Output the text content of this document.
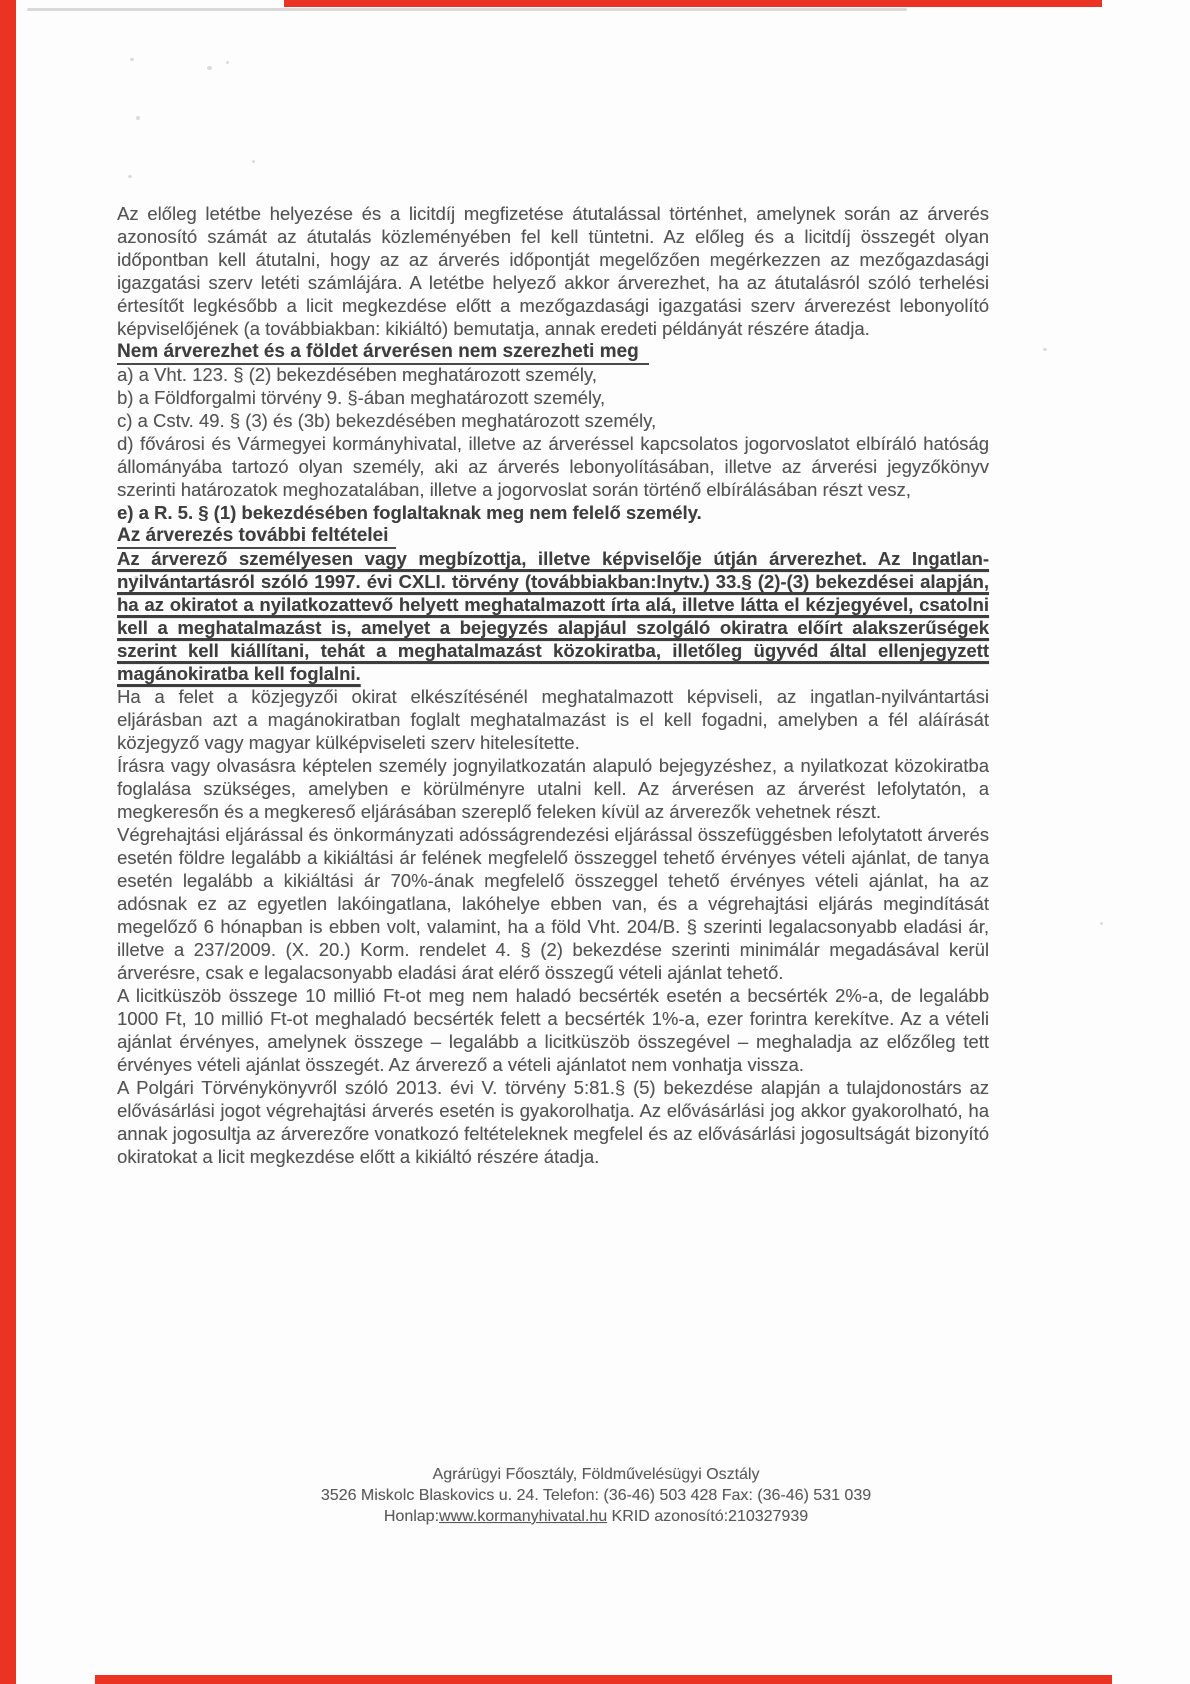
Az előleg letétbe helyezése és a licitdíj megfizetése átutalással történhet, amelynek során az árverés azonosító számát az átutalás közleményében fel kell tüntetni. Az előleg és a licitdíj összegét olyan időpontban kell átutalni, hogy az az árverés időpontját megelőzően megérkezzen az mezőgazdasági igazgatási szerv letéti számlájára. A letétbe helyező akkor árverezhet, ha az átutalásról szóló terhelési értesítőt legkésőbb a licit megkezdése előtt a mezőgazdasági igazgatási szerv árverezést lebonyolító képviselőjének (a továbbiakban: kikiáltó) bemutatja, annak eredeti példányát részére átadja.

Nem árverezhet és a földet árverésen nem szerezheti meg
a) a Vht. 123. § (2) bekezdésében meghatározott személy,
b) a Földforgalmi törvény 9. §-ában meghatározott személy,
c) a Cstv. 49. § (3) és (3b) bekezdésében meghatározott személy,
d) fővárosi és Vármegyei kormányhivatal, illetve az árveréssel kapcsolatos jogorvoslatot elbíráló hatóság állományába tartozó olyan személy, aki az árverés lebonyolításában, illetve az árverési jegyzőkönyv szerinti határozatok meghozatalában, illetve a jogorvoslat során történő elbírálásában részt vesz,
e) a R. 5. § (1) bekezdésében foglaltaknak meg nem felelő személy.
Az árverezés további feltételei

Az árverező személyesen vagy megbízottja, illetve képviselője útján árverezhet. Az Ingatlan-nyilvántartásról szóló 1997. évi CXLI. törvény (továbbiakban:Inytv.) 33.§ (2)-(3) bekezdései alapján, ha az okiratot a nyilatkozattevő helyett meghatalmazott írta alá, illetve látta el kézjegyével, csatolni kell a meghatalmazást is, amelyet a bejegyzés alapjául szolgáló okiratra előírt alakszerűségek szerint kell kiállítani, tehát a meghatalmazást közokiratba, illetőleg ügyvéd által ellenjegyzett magánokiratba kell foglalni.

Ha a felet a közjegyzői okirat elkészítésénél meghatalmazott képviseli, az ingatlan-nyilvántartási eljárásban azt a magánokiratban foglalt meghatalmazást is el kell fogadni, amelyben a fél aláírását közjegyző vagy magyar külképviseleti szerv hitelesítette.

Írásra vagy olvasásra képtelen személy jognyilatkozatán alapuló bejegyzéshez, a nyilatkozat közokiratba foglalása szükséges, amelyben e körülményre utalni kell. Az árverésen az árverést lefolytatón, a megkeresőn és a megkereső eljárásában szereplő feleken kívül az árverezők vehetnek részt.

Végrehajtási eljárással és önkormányzati adósságrendezési eljárással összefüggésben lefolytatott árverés esetén földre legalább a kikiáltási ár felének megfelelő összeggel tehető érvényes vételi ajánlat, de tanya esetén legalább a kikiáltási ár 70%-ának megfelelő összeggel tehető érvényes vételi ajánlat, ha az adósnak ez az egyetlen lakóingatlana, lakóhelye ebben van, és a végrehajtási eljárás megindítását megelőző 6 hónapban is ebben volt, valamint, ha a föld Vht. 204/B. § szerinti legalacsonyabb eladási ár, illetve a 237/2009. (X. 20.) Korm. rendelet 4. § (2) bekezdése szerinti minimálár megadásával kerül árverésre, csak e legalacsonyabb eladási árat elérő összegű vételi ajánlat tehető.

A licitküszöb összege 10 millió Ft-ot meg nem haladó becsérték esetén a becsérték 2%-a, de legalább 1000 Ft, 10 millió Ft-ot meghaladó becsérték felett a becsérték 1%-a, ezer forintra kerekítve. Az a vételi ajánlat érvényes, amelynek összege – legalább a licitküszöb összegével – meghaladja az előzőleg tett érvényes vételi ajánlat összegét. Az árverező a vételi ajánlatot nem vonhatja vissza.

A Polgári Törvénykönyvről szóló 2013. évi V. törvény 5:81.§ (5) bekezdése alapján a tulajdonostárs az elővásárlási jogot végrehajtási árverés esetén is gyakorolhatja. Az elővásárlási jog akkor gyakorolható, ha annak jogosultja az árverezőre vonatkozó feltételeknek megfelel és az elővásárlási jogosultságát bizonyító okiratokat a licit megkezdése előtt a kikiáltó részére átadja.

Agrárügyi Főosztály, Földművelésügyi Osztály
3526 Miskolc Blaskovics u. 24. Telefon: (36-46) 503 428 Fax: (36-46) 531 039
Honlap:www.kormanyhivatal.hu KRID azonosító:210327939
